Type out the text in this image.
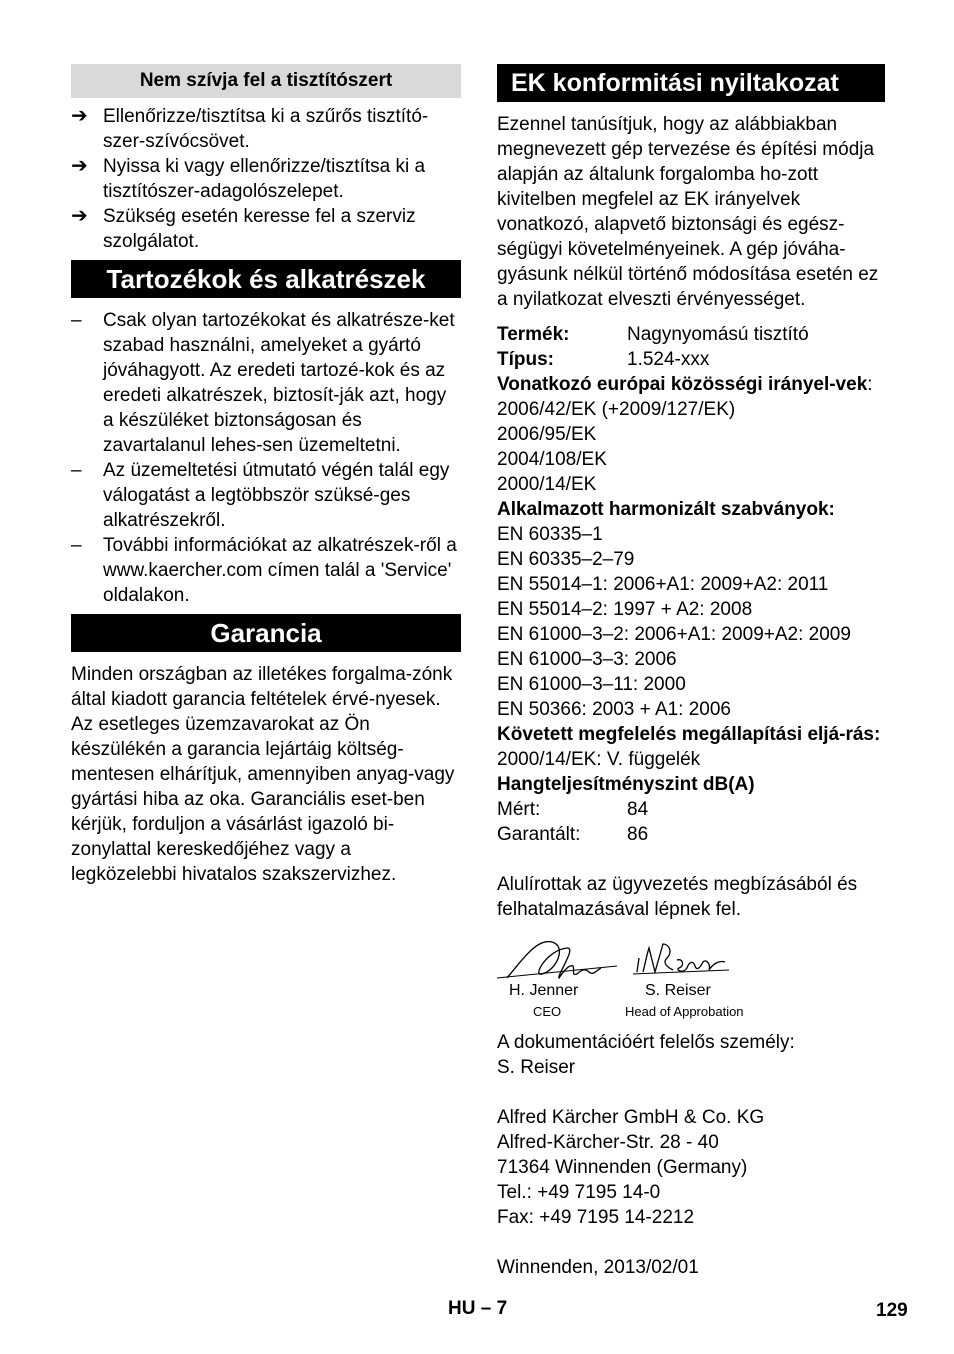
Nem szívja fel a tisztítószert
➔ Ellenőrizze/tisztítsa ki a szűrős tisztító-szer-szívócsövet.
➔ Nyissa ki vagy ellenőrizze/tisztítsa ki a tisztítószer-adagolószelepet.
➔ Szükség esetén keresse fel a szerviz szolgálatot.
Tartozékok és alkatrészek
–	Csak olyan tartozékokat és alkatrésze-ket szabad használni, amelyeket a gyártó jóváhagyott. Az eredeti tartozé-kok és az eredeti alkatrészek, biztosít-ják azt, hogy a készüléket biztonságosan és zavartalanul lehes-sen üzemeltetni.
–	Az üzemeltetési útmutató végén talál egy válogatást a legtöbbször szüksé-ges alkatrészekről.
–	További információkat az alkatrészek-ről a www.kaercher.com címen talál a 'Service' oldalakon.
Garancia

Minden országban az illetékes forgalma-zónk által kiadott garancia feltételek érvé-nyesek. Az esetleges üzemzavarokat az Ön készülékén a garancia lejártáig költség-mentesen elhárítjuk, amennyiben anyag-vagy gyártási hiba az oka. Garanciális eset-ben kérjük, forduljon a vásárlást igazoló bi-zonylattal kereskedőjéhez vagy a legközelebbi hivatalos szakszervizhez.

EK konformitási nyiltakozat

Ezennel tanúsítjuk, hogy az alábbiakban megnevezett gép tervezése és építési módja alapján az általunk forgalomba ho-zott kivitelben megfelel az EK irányelvek vonatkozó, alapvető biztonsági és egész-ségügyi követelményeinek. A gép jóváha-gyásunk nélkül történő módosítása esetén ez a nyilatkozat elveszti érvényességet.

Termék:	Nagynyomású tisztító
Típus:	1.524-xxx

Vonatkozó európai közösségi irányel-vek:

2006/42/EK (+2009/127/EK)

2006/95/EK

2004/108/EK

2000/14/EK

Alkalmazott harmonizált szabványok:

EN 60335–1

EN 60335–2–79

EN 55014–1: 2006+A1: 2009+A2: 2011

EN 55014–2: 1997 + A2: 2008

EN 61000–3–2: 2006+A1: 2009+A2: 2009

EN 61000–3–3: 2006

EN 61000–3–11: 2000

EN 50366: 2003 + A1: 2006

Követett megfelelés megállapítási eljá-rás:

2000/14/EK: V. függelék

Hangteljesítményszint dB(A)

Mért:	84
Garantált:	86

Alulírottak az ügyvezetés megbízásából és felhatalmazásával lépnek fel.

H. Jenner
CEO
S. Reiser
Head of Approbation

A dokumentációért felelős személy:

S. Reiser

Alfred Kärcher GmbH & Co. KG

Alfred-Kärcher-Str. 28 - 40

71364 Winnenden (Germany)

Tel.: +49 7195 14-0

Fax: +49 7195 14-2212

Winnenden, 2013/02/01

HU – 7	129
